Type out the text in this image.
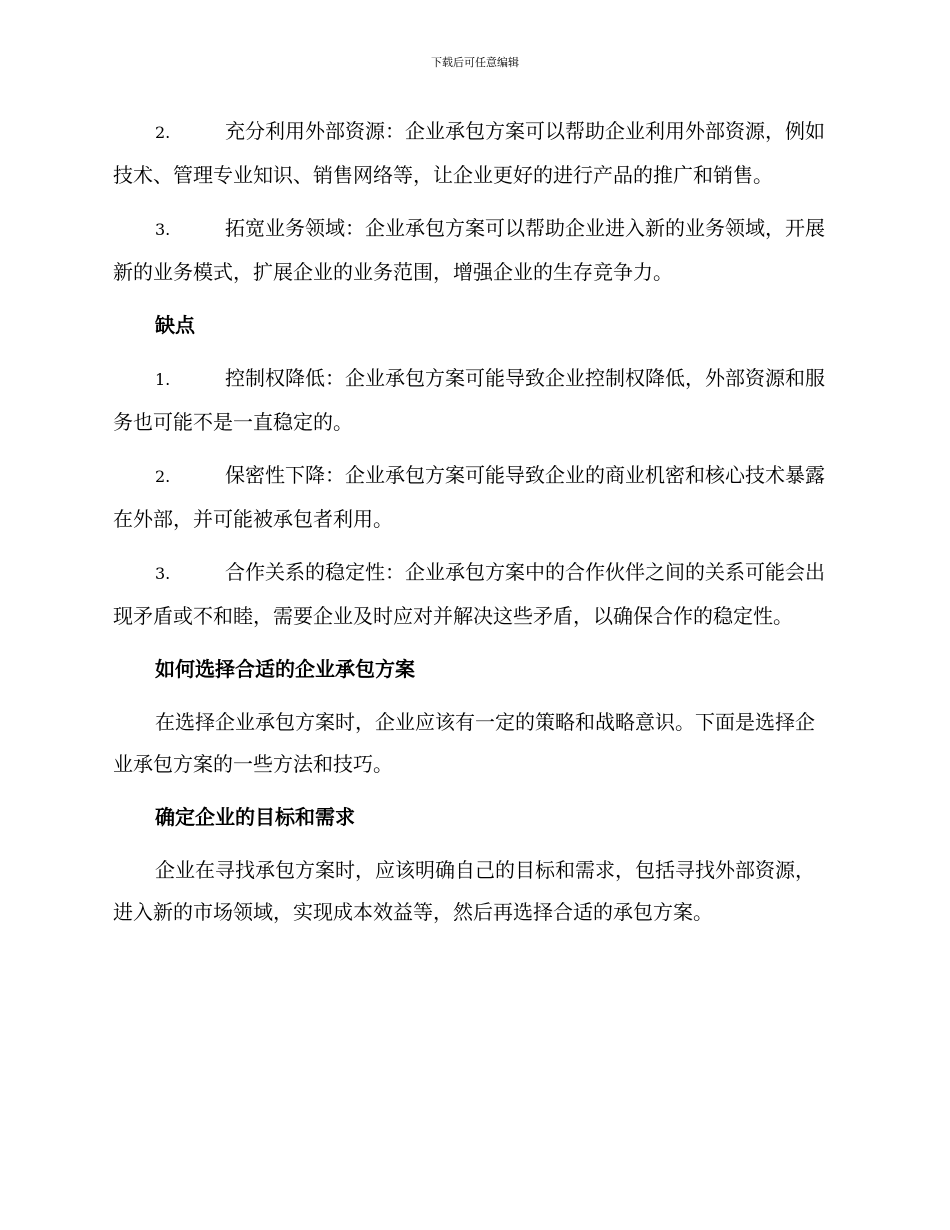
下载后可任意编辑

2.	充分利用外部资源：企业承包方案可以帮助企业利用外部资源，例如技术、管理专业知识、销售网络等，让企业更好的进行产品的推广和销售。

3.	拓宽业务领域：企业承包方案可以帮助企业进入新的业务领域，开展新的业务模式，扩展企业的业务范围，增强企业的生存竞争力。

缺点

1.	控制权降低：企业承包方案可能导致企业控制权降低，外部资源和服务也可能不是一直稳定的。

2.	保密性下降：企业承包方案可能导致企业的商业机密和核心技术暴露在外部，并可能被承包者利用。

3.	合作关系的稳定性：企业承包方案中的合作伙伴之间的关系可能会出现矛盾或不和睦，需要企业及时应对并解决这些矛盾，以确保合作的稳定性。

如何选择合适的企业承包方案

在选择企业承包方案时，企业应该有一定的策略和战略意识。下面是选择企业承包方案的一些方法和技巧。

确定企业的目标和需求

企业在寻找承包方案时，应该明确自己的目标和需求，包括寻找外部资源，进入新的市场领域，实现成本效益等，然后再选择合适的承包方案。
